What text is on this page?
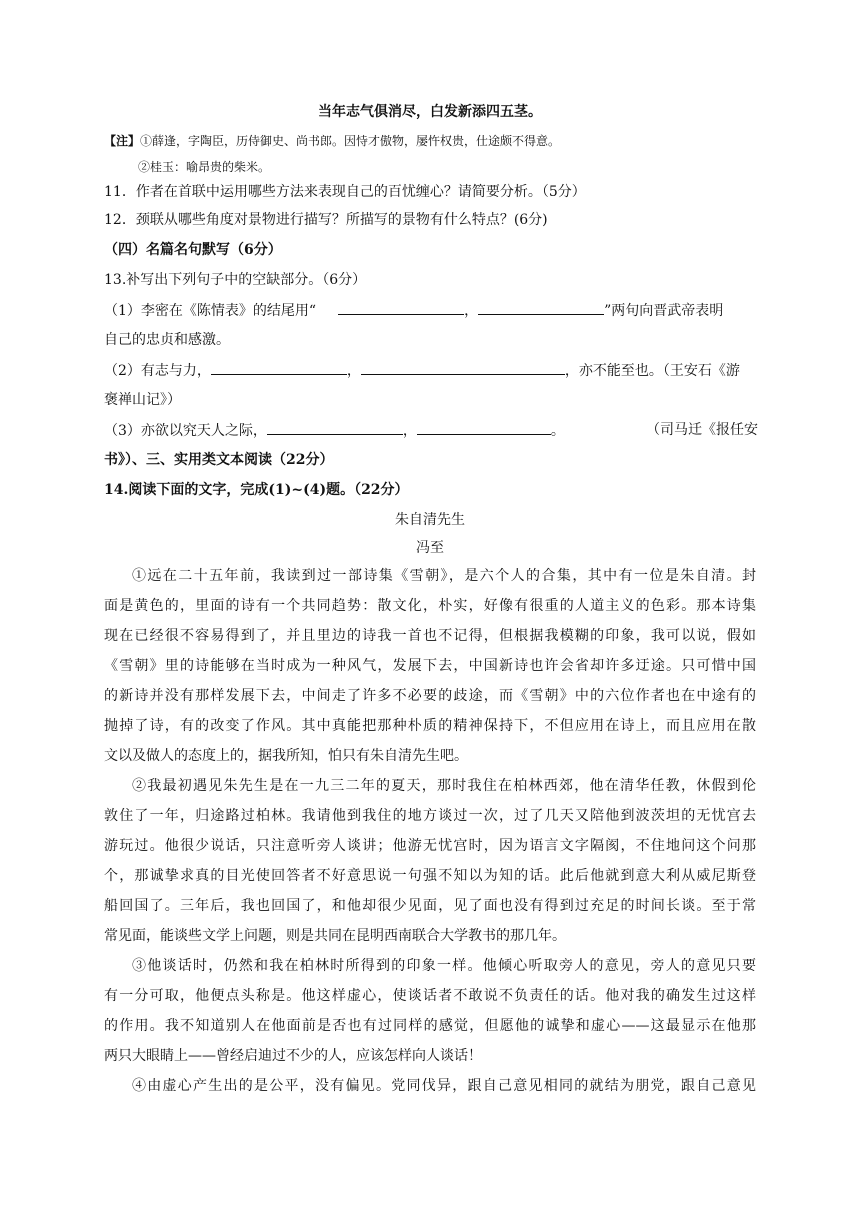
当年志气俱消尽，白发新添四五茎。
【注】①薛逢，字陶臣，历侍御史、尚书郎。因恃才傲物，屡忤权贵，仕途颇不得意。
②桂玉：喻昂贵的柴米。
11．作者在首联中运用哪些方法来表现自己的百忧缠心？请简要分析。（5分）
12．颈联从哪些角度对景物进行描写？所描写的景物有什么特点？(6分)
（四）名篇名句默写（6分）
13.补写出下列句子中的空缺部分。（6分）
（1）李密在《陈情表》的结尾用“	，	”两句向晋武帝表明
自己的忠贞和感激。
（2）有志与力，	，	，亦不能至也。（王安石《游
褒禅山记》）
（3）亦欲以究天人之际，	，	。	（司马迁《报任安
书》）、三、实用类文本阅读（22分）
14.阅读下面的文字，完成(1)~(4)题。（22分）
朱自清先生
冯至
①远在二十五年前，我读到过一部诗集《雪朝》，是六个人的合集，其中有一位是朱自清。封
面是黄色的，里面的诗有一个共同趋势：散文化，朴实，好像有很重的人道主义的色彩。那本诗集
现在已经很不容易得到了，并且里边的诗我一首也不记得，但根据我模糊的印象，我可以说，假如
《雪朝》里的诗能够在当时成为一种风气，发展下去，中国新诗也许会省却许多迂途。只可惜中国
的新诗并没有那样发展下去，中间走了许多不必要的歧途，而《雪朝》中的六位作者也在中途有的
抛掉了诗，有的改变了作风。其中真能把那种朴质的精神保持下，不但应用在诗上，而且应用在散
文以及做人的态度上的，据我所知，怕只有朱自清先生吧。
②我最初遇见朱先生是在一九三二年的夏天，那时我住在柏林西郊，他在清华任教，休假到伦
敦住了一年，归途路过柏林。我请他到我住的地方谈过一次，过了几天又陪他到波茨坦的无忧宫去
游玩过。他很少说话，只注意听旁人谈讲；他游无忧宫时，因为语言文字隔阂，不住地问这个问那
个，那诚挚求真的目光使回答者不好意思说一句强不知以为知的话。此后他就到意大利从威尼斯登
船回国了。三年后，我也回国了，和他却很少见面，见了面也没有得到过充足的时间长谈。至于常
常见面，能谈些文学上问题，则是共同在昆明西南联合大学教书的那几年。
③他谈话时，仍然和我在柏林时所得到的印象一样。他倾心听取旁人的意见，旁人的意见只要
有一分可取，他便点头称是。他这样虚心，使谈话者不敢说不负责任的话。他对我的确发生过这样
的作用。我不知道别人在他面前是否也有过同样的感觉，但愿他的诚挚和虚心——这最显示在他那
两只大眼睛上——曾经启迪过不少的人，应该怎样向人谈话！
④由虚心产生出的是公平，没有偏见。党同伐异，跟自己意见相同的就结为朋党，跟自己意见
